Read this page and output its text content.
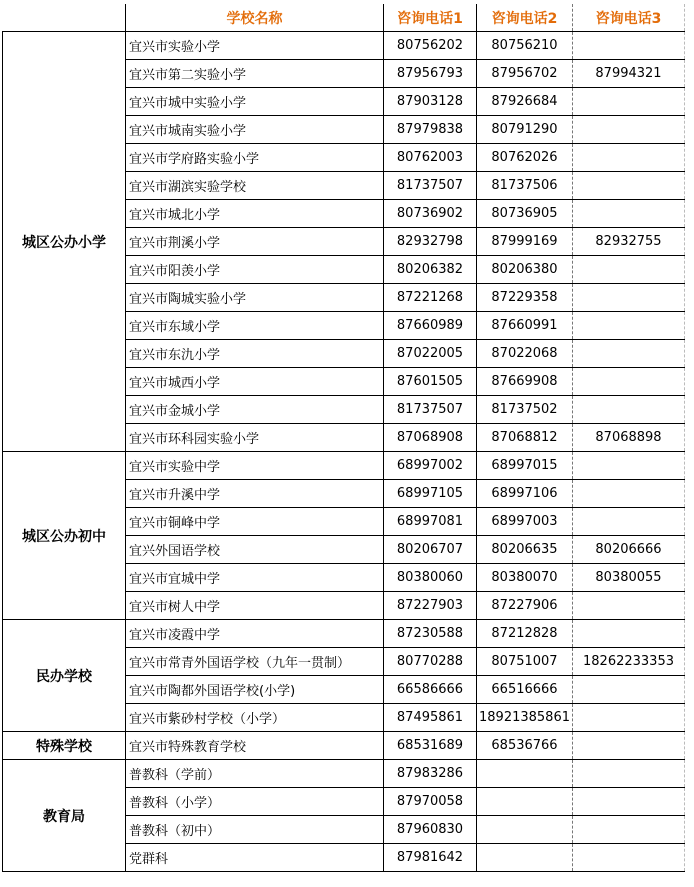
	学校名称	咨询电话1	咨询电话2	咨询电话3
城区公办小学	宜兴市实验小学	80756202	80756210	
	宜兴市第二实验小学	87956793	87956702	87994321
	宜兴市城中实验小学	87903128	87926684	
	宜兴市城南实验小学	87979838	80791290	
	宜兴市学府路实验小学	80762003	80762026	
	宜兴市湖滨实验学校	81737507	81737506	
	宜兴市城北小学	80736902	80736905	
	宜兴市荆溪小学	82932798	87999169	82932755
	宜兴市阳羡小学	80206382	80206380	
	宜兴市陶城实验小学	87221268	87229358	
	宜兴市东域小学	87660989	87660991	
	宜兴市东氿小学	87022005	87022068	
	宜兴市城西小学	87601505	87669908	
	宜兴市金城小学	81737507	81737502	
	宜兴市环科园实验小学	87068908	87068812	87068898
城区公办初中	宜兴市实验中学	68997002	68997015	
	宜兴市升溪中学	68997105	68997106	
	宜兴市铜峰中学	68997081	68997003	
	宜兴外国语学校	80206707	80206635	80206666
	宜兴市宜城中学	80380060	80380070	80380055
	宜兴市树人中学	87227903	87227906	
民办学校	宜兴市凌霞中学	87230588	87212828	
	宜兴市常青外国语学校（九年一贯制）	80770288	80751007	18262233353
	宜兴市陶都外国语学校(小学)	66586666	66516666	
	宜兴市紫砂村学校（小学）	87495861	18921385861	
特殊学校	宜兴市特殊教育学校	68531689	68536766	
教育局	普教科（学前）	87983286		
	普教科（小学）	87970058		
	普教科（初中）	87960830		
	党群科	87981642		
